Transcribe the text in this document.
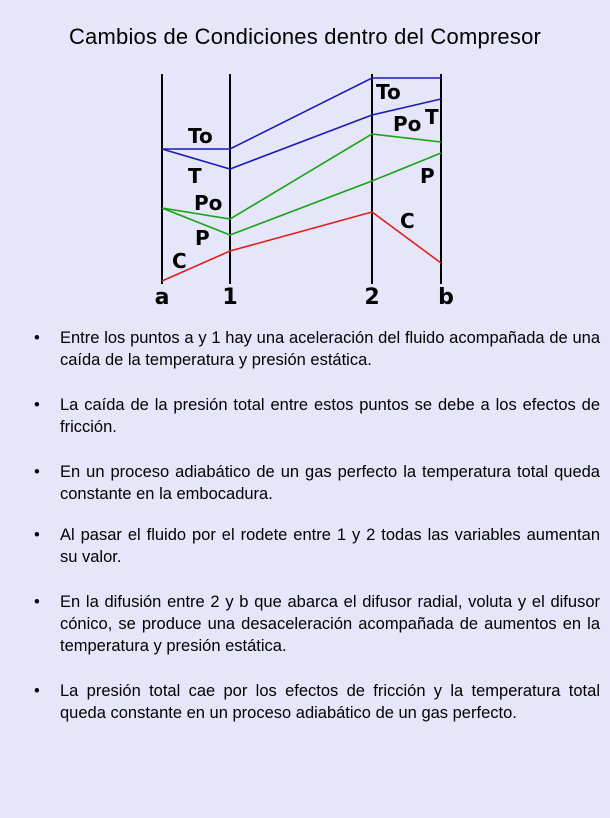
Cambios de Condiciones dentro del Compresor
To
T
Po
P
C
To
Po T
P
C
a 1	2	b
• Entre los puntos a y 1 hay una aceleración del fluido acompañada de una caída de la temperatura y presión estática.
• La caída de la presión total entre estos puntos se debe a los efectos de fricción.
• En un proceso adiabático de un gas perfecto la temperatura total queda constante en la embocadura.
• Al pasar el fluido por el rodete entre 1 y 2 todas las variables aumentan su valor.
• En la difusión entre 2 y b que abarca el difusor radial, voluta y el difusor cónico, se produce una desaceleración acompañada de aumentos en la temperatura y presión estática.
• La presión total cae por los efectos de fricción y la temperatura total queda constante en un proceso adiabático de un gas perfecto.
